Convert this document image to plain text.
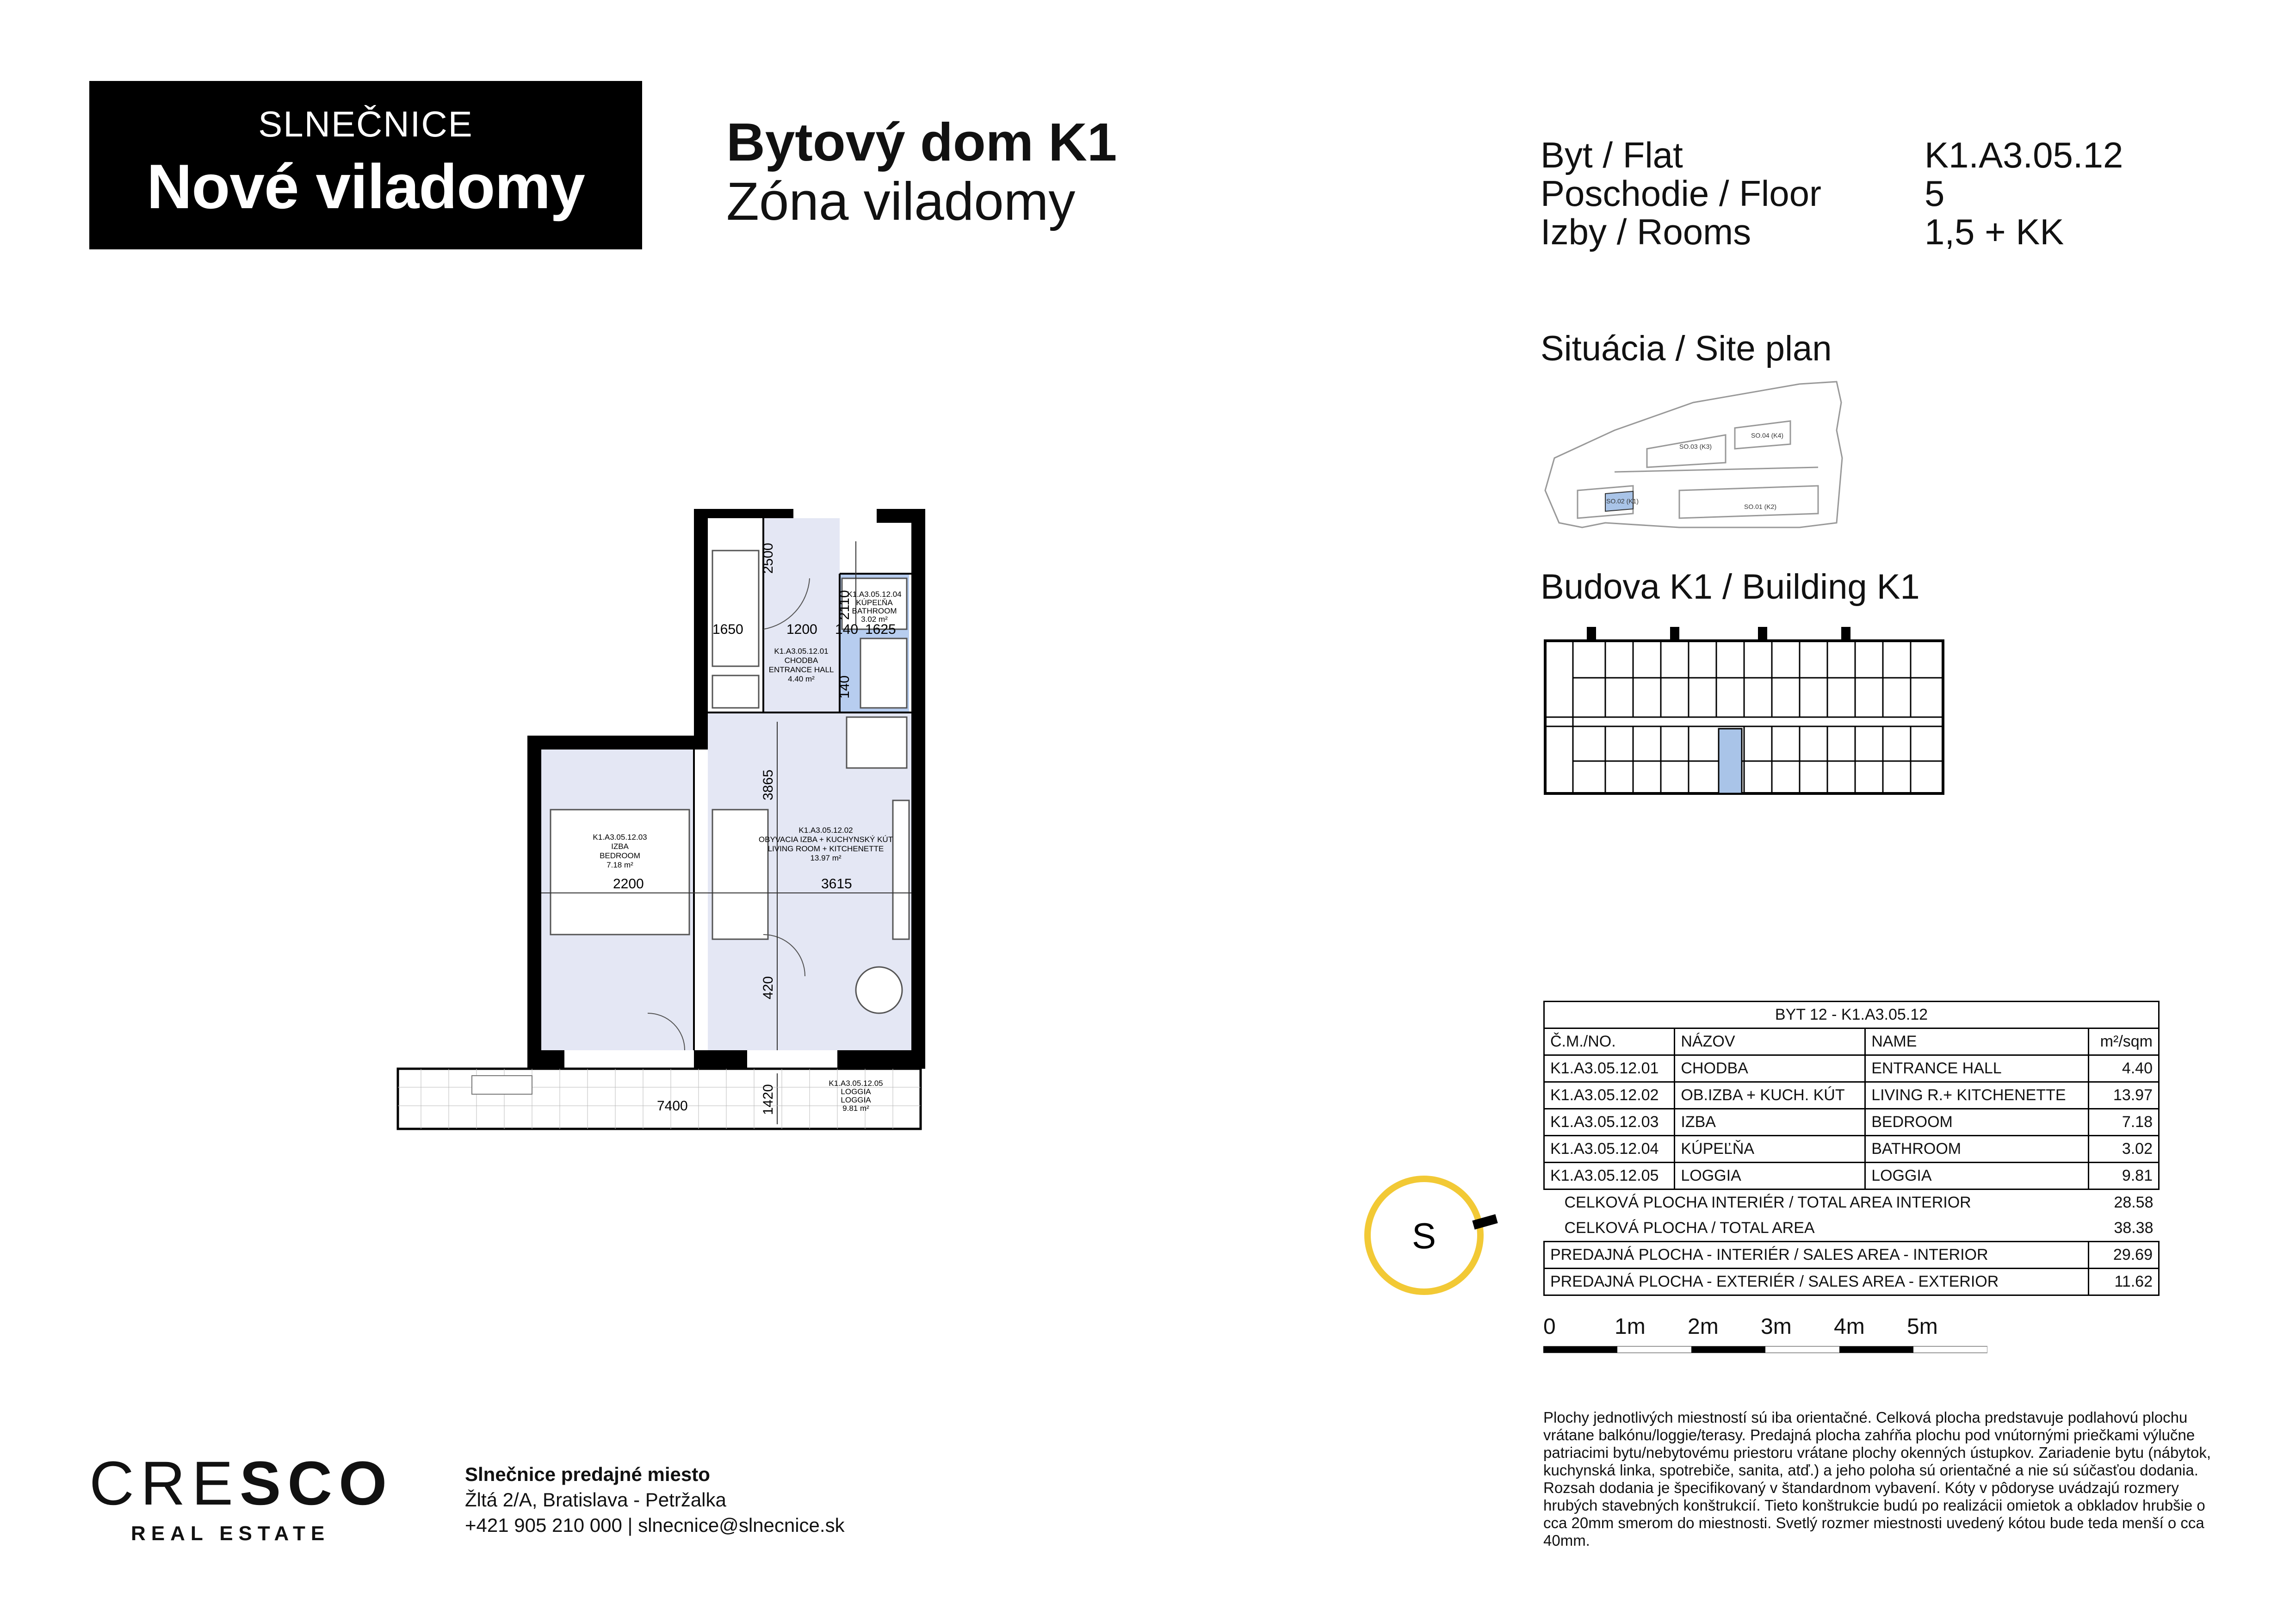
SLNEČNICE
Nové viladomy
Bytový dom K1
Zóna viladomy
Byt / Flat	K1.A3.05.12
Poschodie / Floor	5
Izby / Rooms	1,5 + KK
Situácia / Site plan
SO.03 (K3)
SO.04 (K4)
SO.02 (K1)
SO.01 (K2)
Budova K1 / Building K1
2500
1650	1200
2110
140 1625
140
3865
2200	3615
420
1420
7400
K1.A3.05.12.01
CHODBA
ENTRANCE HALL
4.40 m²
K1.A3.05.12.04
KÚPEĽŇA
BATHROOM
3.02 m²
K1.A3.05.12.02
OBYVACIA IZBA + KUCHYNSKÝ KÚT
LIVING ROOM + KITCHENETTE
13.97 m²
K1.A3.05.12.03
IZBA
BEDROOM
7.18 m²
K1.A3.05.12.05
LOGGIA
LOGGIA
9.81 m²
S
BYT 12 - K1.A3.05.12			
Č.M./NO.	NÁZOV	NAME	m²/sqm
K1.A3.05.12.01	CHODBA	ENTRANCE HALL	4.40
K1.A3.05.12.02	OB.IZBA + KUCH. KÚT	LIVING R.+ KITCHENETTE	13.97
K1.A3.05.12.03	IZBA	BEDROOM	7.18
K1.A3.05.12.04	KÚPEĽŇA	BATHROOM	3.02
K1.A3.05.12.05	LOGGIA	LOGGIA	9.81
CELKOVÁ PLOCHA INTERIÉR / TOTAL AREA INTERIOR			28.58
CELKOVÁ PLOCHA / TOTAL AREA			38.38
PREDAJNÁ PLOCHA - INTERIÉR / SALES AREA - INTERIOR			29.69
PREDAJNÁ PLOCHA - EXTERIÉR / SALES AREA - EXTERIOR			11.62
0	1m 2m 3m 4m 5m
CRESCO
REAL ESTATE
Slnečnice predajné miesto
Žltá 2/A, Bratislava - Petržalka
+421 905 210 000 | slnecnice@slnecnice.sk
Plochy jednotlivých miestností sú iba orientačné. Celková plocha predstavuje podlahovú plochu vrátane balkónu/loggie/terasy. Predajná plocha zahŕňa plochu pod vnútornými priečkami výlučne patriacimi bytu/nebytovému priestoru vrátane plochy okenných ústupkov. Zariadenie bytu (nábytok, kuchynská linka, spotrebiče, sanita, atď.) a jeho poloha sú orientačné a nie sú súčasťou dodania. Rozsah dodania je špecifikovaný v štandardnom vybavení. Kóty v pôdoryse uvádzajú rozmery hrubých stavebných konštrukcií. Tieto konštrukcie budú po realizácii omietok a obkladov hrubšie o cca 20mm smerom do miestnosti. Svetlý rozmer miestnosti uvedený kótou bude teda menší o cca 40mm.
